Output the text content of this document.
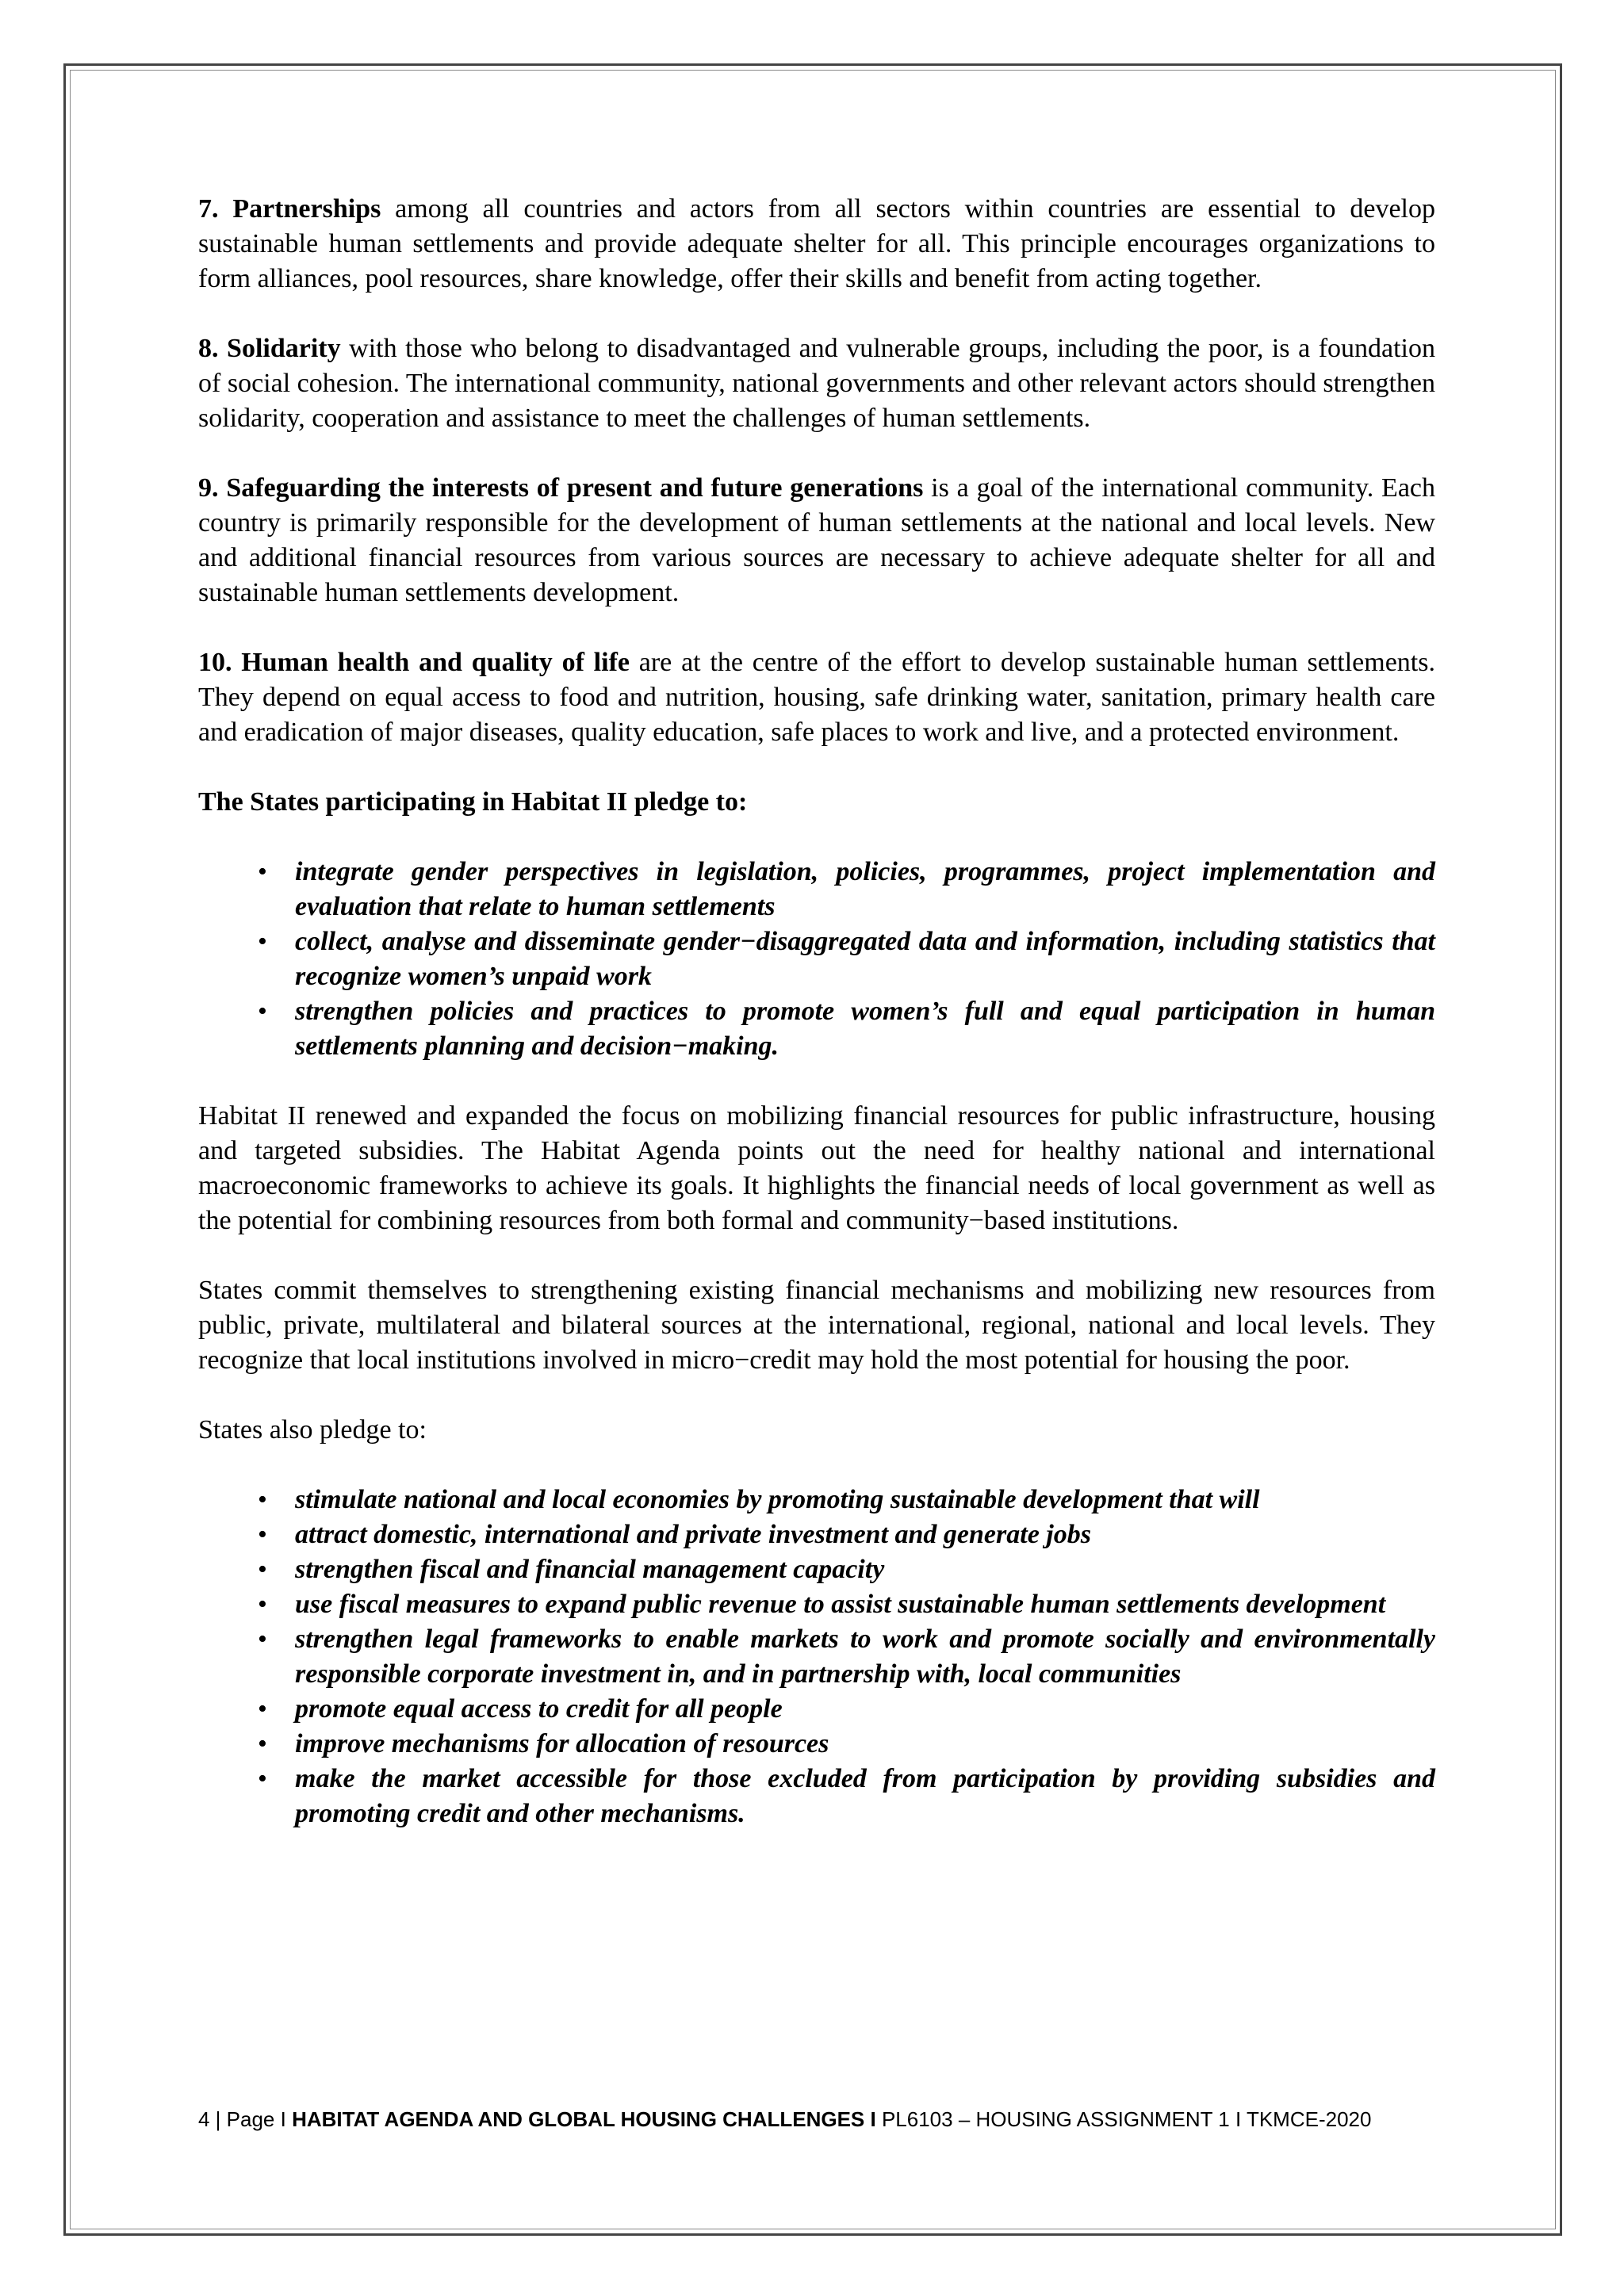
7. Partnerships among all countries and actors from all sectors within countries are essential to develop sustainable human settlements and provide adequate shelter for all. This principle encourages organizations to form alliances, pool resources, share knowledge, offer their skills and benefit from acting together.

8. Solidarity with those who belong to disadvantaged and vulnerable groups, including the poor, is a foundation of social cohesion. The international community, national governments and other relevant actors should strengthen solidarity, cooperation and assistance to meet the challenges of human settlements.

9. Safeguarding the interests of present and future generations is a goal of the international community. Each country is primarily responsible for the development of human settlements at the national and local levels. New and additional financial resources from various sources are necessary to achieve adequate shelter for all and sustainable human settlements development.

10. Human health and quality of life are at the centre of the effort to develop sustainable human settlements. They depend on equal access to food and nutrition, housing, safe drinking water, sanitation, primary health care and eradication of major diseases, quality education, safe places to work and live, and a protected environment.

The States participating in Habitat II pledge to:

• integrate gender perspectives in legislation, policies, programmes, project implementation and evaluation that relate to human settlements
• collect, analyse and disseminate gender−disaggregated data and information, including statistics that recognize women’s unpaid work
• strengthen policies and practices to promote women’s full and equal participation in human settlements planning and decision−making.

Habitat II renewed and expanded the focus on mobilizing financial resources for public infrastructure, housing and targeted subsidies. The Habitat Agenda points out the need for healthy national and international macroeconomic frameworks to achieve its goals. It highlights the financial needs of local government as well as the potential for combining resources from both formal and community−based institutions.

States commit themselves to strengthening existing financial mechanisms and mobilizing new resources from public, private, multilateral and bilateral sources at the international, regional, national and local levels. They recognize that local institutions involved in micro−credit may hold the most potential for housing the poor.

States also pledge to:

• stimulate national and local economies by promoting sustainable development that will
• attract domestic, international and private investment and generate jobs
• strengthen fiscal and financial management capacity
• use fiscal measures to expand public revenue to assist sustainable human settlements development
• strengthen legal frameworks to enable markets to work and promote socially and environmentally responsible corporate investment in, and in partnership with, local communities
• promote equal access to credit for all people
• improve mechanisms for allocation of resources
• make the market accessible for those excluded from participation by providing subsidies and promoting credit and other mechanisms.
4 | Page I HABITAT AGENDA AND GLOBAL HOUSING CHALLENGES I PL6103 – HOUSING ASSIGNMENT 1 I TKMCE-2020
